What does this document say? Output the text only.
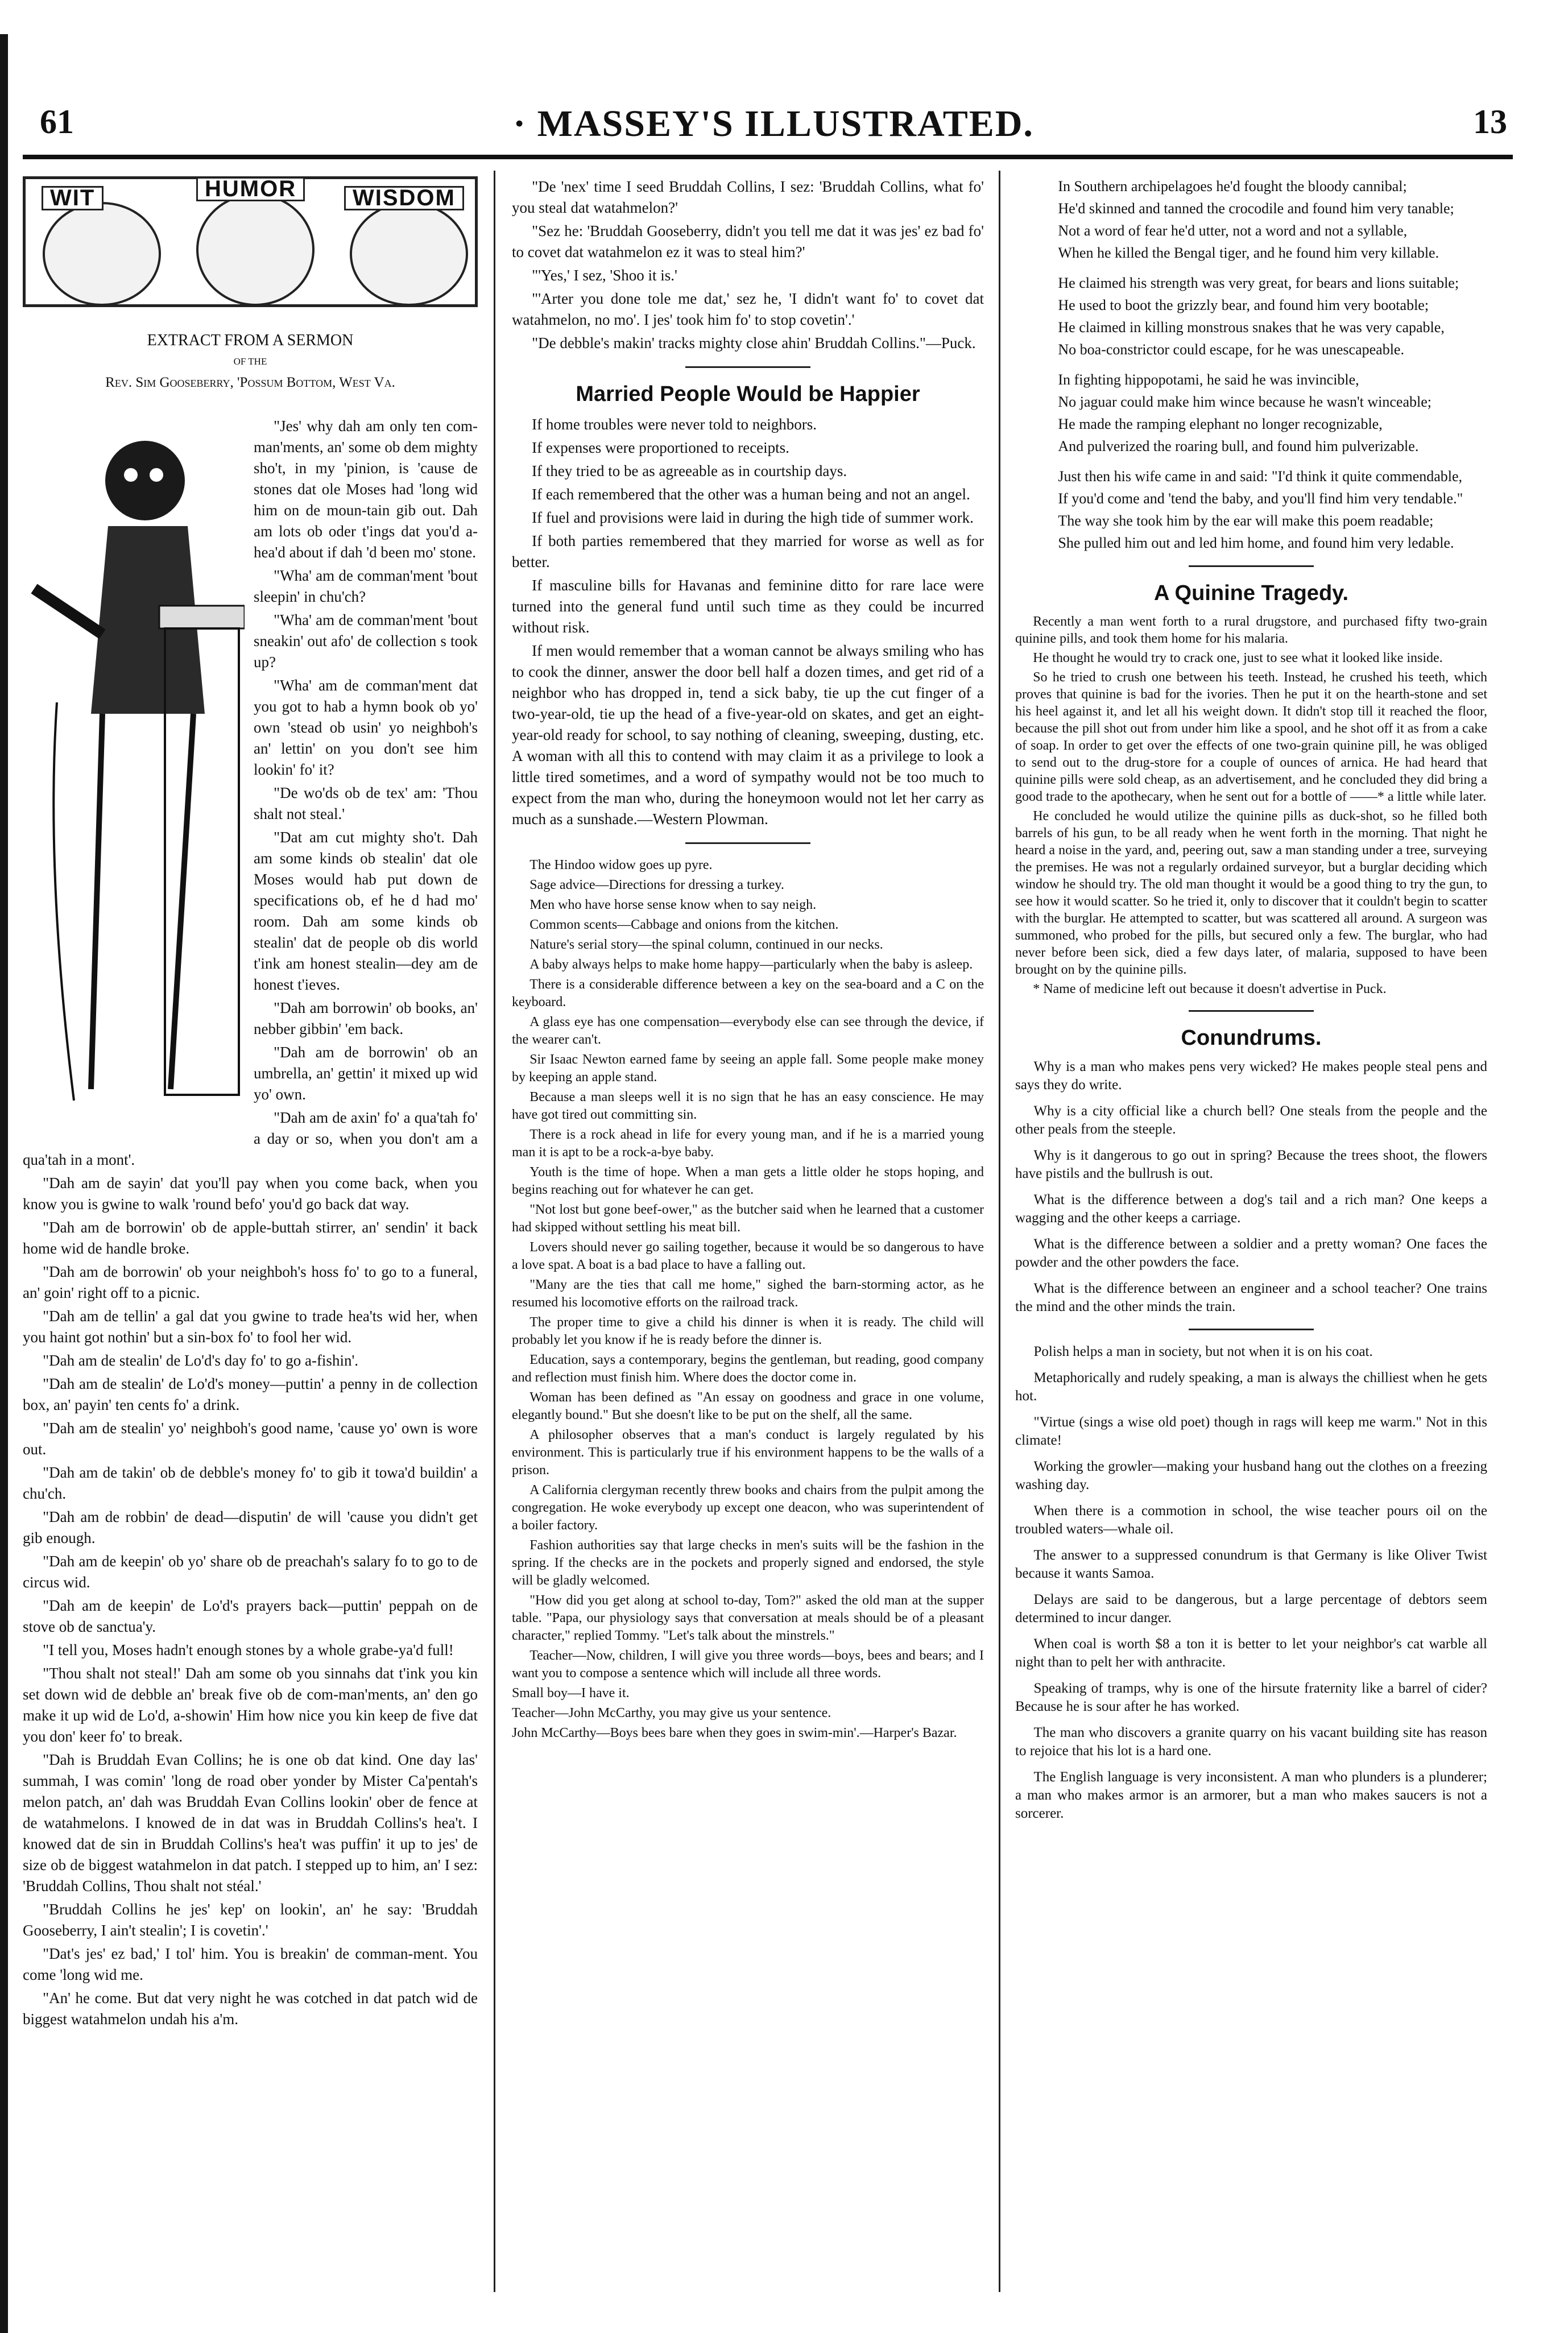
61	· MASSEY'S ILLUSTRATED.	13
WIT	HUMOR	WISDOM
EXTRACT FROM A SERMON
OF THE
Rev. Sim Gooseberry, 'Possum Bottom, West Va.

"Jes' why dah am only ten com-man'ments, an' some ob dem mighty sho't, in my 'pinion, is 'cause de stones dat ole Moses had 'long wid him on de moun-tain gib out. Dah am lots ob oder t'ings dat you'd a-hea'd about if dah 'd been mo' stone.

"Wha' am de comman'ment 'bout sleepin' in chu'ch?

"Wha' am de comman'ment 'bout sneakin' out afo' de collection s took up?

"Wha' am de comman'ment dat you got to hab a hymn book ob yo' own 'stead ob usin' yo neighboh's an' lettin' on you don't see him lookin' fo' it?

"De wo'ds ob de tex' am: 'Thou shalt not steal.'

"Dat am cut mighty sho't. Dah am some kinds ob stealin' dat ole Moses would hab put down de specifications ob, ef he d had mo' room. Dah am some kinds ob stealin' dat de people ob dis world t'ink am honest stealin—dey am de honest t'ieves.

"Dah am borrowin' ob books, an' nebber gibbin' 'em back.

"Dah am de borrowin' ob an umbrella, an' gettin' it mixed up wid yo' own.

"Dah am de axin' fo' a qua'tah fo' a day or so, when you don't am a qua'tah in a mont'.

"Dah am de sayin' dat you'll pay when you come back, when you know you is gwine to walk 'round befo' you'd go back dat way.

"Dah am de borrowin' ob de apple-buttah stirrer, an' sendin' it back home wid de handle broke.

"Dah am de borrowin' ob your neighboh's hoss fo' to go to a funeral, an' goin' right off to a picnic.

"Dah am de tellin' a gal dat you gwine to trade hea'ts wid her, when you haint got nothin' but a sin-box fo' to fool her wid.

"Dah am de stealin' de Lo'd's day fo' to go a-fishin'.

"Dah am de stealin' de Lo'd's money—puttin' a penny in de collection box, an' payin' ten cents fo' a drink.

"Dah am de stealin' yo' neighboh's good name, 'cause yo' own is wore out.

"Dah am de takin' ob de debble's money fo' to gib it towa'd buildin' a chu'ch.

"Dah am de robbin' de dead—disputin' de will 'cause you didn't get gib enough.

"Dah am de keepin' ob yo' share ob de preachah's salary fo to go to de circus wid.

"Dah am de keepin' de Lo'd's prayers back—puttin' peppah on de stove ob de sanctua'y.

"I tell you, Moses hadn't enough stones by a whole grabe-ya'd full!

"Thou shalt not steal!' Dah am some ob you sinnahs dat t'ink you kin set down wid de debble an' break five ob de com-man'ments, an' den go make it up wid de Lo'd, a-showin' Him how nice you kin keep de five dat you don' keer fo' to break.

"Dah is Bruddah Evan Collins; he is one ob dat kind. One day las' summah, I was comin' 'long de road ober yonder by Mister Ca'pentah's melon patch, an' dah was Bruddah Evan Collins lookin' ober de fence at de watahmelons. I knowed de in dat was in Bruddah Collins's hea't. I knowed dat de sin in Bruddah Collins's hea't was puffin' it up to jes' de size ob de biggest watahmelon in dat patch. I stepped up to him, an' I sez: 'Bruddah Collins, Thou shalt not stéal.'

"Bruddah Collins he jes' kep' on lookin', an' he say: 'Bruddah Gooseberry, I ain't stealin'; I is covetin'.'

"Dat's jes' ez bad,' I tol' him. You is breakin' de comman-ment. You come 'long wid me.

"An' he come. But dat very night he was cotched in dat patch wid de biggest watahmelon undah his a'm.

"De 'nex' time I seed Bruddah Collins, I sez: 'Bruddah Collins, what fo' you steal dat watahmelon?'

"Sez he: 'Bruddah Gooseberry, didn't you tell me dat it was jes' ez bad fo' to covet dat watahmelon ez it was to steal him?'

"'Yes,' I sez, 'Shoo it is.'

"'Arter you done tole me dat,' sez he, 'I didn't want fo' to covet dat watahmelon, no mo'. I jes' took him fo' to stop covetin'.'

"De debble's makin' tracks mighty close ahin' Bruddah Collins."—Puck.

Married People Would be Happier

If home troubles were never told to neighbors.

If expenses were proportioned to receipts.

If they tried to be as agreeable as in courtship days.

If each remembered that the other was a human being and not an angel.

If fuel and provisions were laid in during the high tide of summer work.

If both parties remembered that they married for worse as well as for better.

If masculine bills for Havanas and feminine ditto for rare lace were turned into the general fund until such time as they could be incurred without risk.

If men would remember that a woman cannot be always smiling who has to cook the dinner, answer the door bell half a dozen times, and get rid of a neighbor who has dropped in, tend a sick baby, tie up the cut finger of a two-year-old, tie up the head of a five-year-old on skates, and get an eight-year-old ready for school, to say nothing of cleaning, sweeping, dusting, etc. A woman with all this to contend with may claim it as a privilege to look a little tired sometimes, and a word of sympathy would not be too much to expect from the man who, during the honeymoon would not let her carry as much as a sunshade.—Western Plowman.

The Hindoo widow goes up pyre.

Sage advice—Directions for dressing a turkey.

Men who have horse sense know when to say neigh.

Common scents—Cabbage and onions from the kitchen.

Nature's serial story—the spinal column, continued in our necks.

A baby always helps to make home happy—particularly when the baby is asleep.

There is a considerable difference between a key on the sea-board and a C on the keyboard.

A glass eye has one compensation—everybody else can see through the device, if the wearer can't.

Sir Isaac Newton earned fame by seeing an apple fall. Some people make money by keeping an apple stand.

Because a man sleeps well it is no sign that he has an easy conscience. He may have got tired out committing sin.

There is a rock ahead in life for every young man, and if he is a married young man it is apt to be a rock-a-bye baby.

Youth is the time of hope. When a man gets a little older he stops hoping, and begins reaching out for whatever he can get.

"Not lost but gone beef-ower," as the butcher said when he learned that a customer had skipped without settling his meat bill.

Lovers should never go sailing together, because it would be so dangerous to have a love spat. A boat is a bad place to have a falling out.

"Many are the ties that call me home," sighed the barn-storming actor, as he resumed his locomotive efforts on the railroad track.

The proper time to give a child his dinner is when it is ready. The child will probably let you know if he is ready before the dinner is.

Education, says a contemporary, begins the gentleman, but reading, good company and reflection must finish him. Where does the doctor come in.

Woman has been defined as "An essay on goodness and grace in one volume, elegantly bound." But she doesn't like to be put on the shelf, all the same.

A philosopher observes that a man's conduct is largely regulated by his environment. This is particularly true if his environment happens to be the walls of a prison.

A California clergyman recently threw books and chairs from the pulpit among the congregation. He woke everybody up except one deacon, who was superintendent of a boiler factory.

Fashion authorities say that large checks in men's suits will be the fashion in the spring. If the checks are in the pockets and properly signed and endorsed, the style will be gladly welcomed.

"How did you get along at school to-day, Tom?" asked the old man at the supper table. "Papa, our physiology says that conversation at meals should be of a pleasant character," replied Tommy. "Let's talk about the minstrels."

Teacher—Now, children, I will give you three words—boys, bees and bears; and I want you to compose a sentence which will include all three words.

Small boy—I have it.

Teacher—John McCarthy, you may give us your sentence.

John McCarthy—Boys bees bare when they goes in swim-min'.—Harper's Bazar.

In Southern archipelagoes he'd fought the bloody cannibal;

He'd skinned and tanned the crocodile and found him very tanable;

Not a word of fear he'd utter, not a word and not a syllable,

When he killed the Bengal tiger, and he found him very killable.

He claimed his strength was very great, for bears and lions suitable;

He used to boot the grizzly bear, and found him very bootable;

He claimed in killing monstrous snakes that he was very capable,

No boa-constrictor could escape, for he was unescapeable.

In fighting hippopotami, he said he was invincible,

No jaguar could make him wince because he wasn't winceable;

He made the ramping elephant no longer recognizable,

And pulverized the roaring bull, and found him pulverizable.

Just then his wife came in and said: "I'd think it quite commendable,

If you'd come and 'tend the baby, and you'll find him very tendable."

The way she took him by the ear will make this poem readable;

She pulled him out and led him home, and found him very ledable.

A Quinine Tragedy.

Recently a man went forth to a rural drugstore, and purchased fifty two-grain quinine pills, and took them home for his malaria.

He thought he would try to crack one, just to see what it looked like inside.

So he tried to crush one between his teeth. Instead, he crushed his teeth, which proves that quinine is bad for the ivories. Then he put it on the hearth-stone and set his heel against it, and let all his weight down. It didn't stop till it reached the floor, because the pill shot out from under him like a spool, and he shot off it as from a cake of soap. In order to get over the effects of one two-grain quinine pill, he was obliged to send out to the drug-store for a couple of ounces of arnica. He had heard that quinine pills were sold cheap, as an advertisement, and he concluded they did bring a good trade to the apothecary, when he sent out for a bottle of ——* a little while later.

He concluded he would utilize the quinine pills as duck-shot, so he filled both barrels of his gun, to be all ready when he went forth in the morning. That night he heard a noise in the yard, and, peering out, saw a man standing under a tree, surveying the premises. He was not a regularly ordained surveyor, but a burglar deciding which window he should try. The old man thought it would be a good thing to try the gun, to see how it would scatter. So he tried it, only to discover that it couldn't begin to scatter with the burglar. He attempted to scatter, but was scattered all around. A surgeon was summoned, who probed for the pills, but secured only a few. The burglar, who had never before been sick, died a few days later, of malaria, supposed to have been brought on by the quinine pills.

* Name of medicine left out because it doesn't advertise in Puck.

Conundrums.

Why is a man who makes pens very wicked? He makes people steal pens and says they do write.

Why is a city official like a church bell? One steals from the people and the other peals from the steeple.

Why is it dangerous to go out in spring? Because the trees shoot, the flowers have pistils and the bullrush is out.

What is the difference between a dog's tail and a rich man? One keeps a wagging and the other keeps a carriage.

What is the difference between a soldier and a pretty woman? One faces the powder and the other powders the face.

What is the difference between an engineer and a school teacher? One trains the mind and the other minds the train.

Polish helps a man in society, but not when it is on his coat.

Metaphorically and rudely speaking, a man is always the chilliest when he gets hot.

"Virtue (sings a wise old poet) though in rags will keep me warm." Not in this climate!

Working the growler—making your husband hang out the clothes on a freezing washing day.

When there is a commotion in school, the wise teacher pours oil on the troubled waters—whale oil.

The answer to a suppressed conundrum is that Germany is like Oliver Twist because it wants Samoa.

Delays are said to be dangerous, but a large percentage of debtors seem determined to incur danger.

When coal is worth $8 a ton it is better to let your neighbor's cat warble all night than to pelt her with anthracite.

Speaking of tramps, why is one of the hirsute fraternity like a barrel of cider? Because he is sour after he has worked.

The man who discovers a granite quarry on his vacant building site has reason to rejoice that his lot is a hard one.

The English language is very inconsistent. A man who plunders is a plunderer; a man who makes armor is an armorer, but a man who makes saucers is not a sorcerer.
